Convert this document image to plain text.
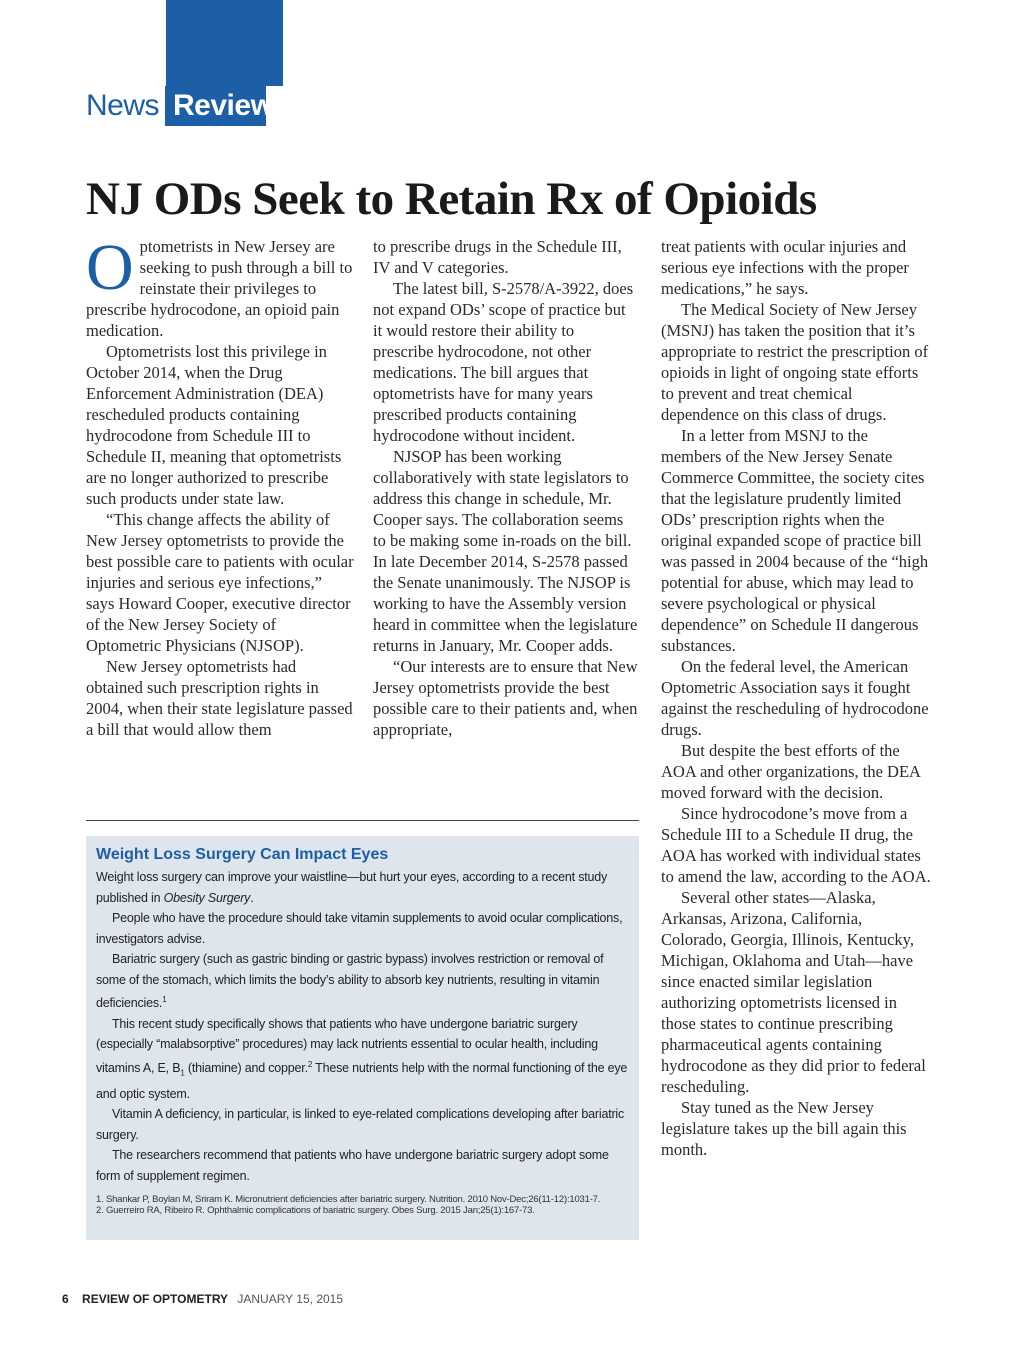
News Review
NJ ODs Seek to Retain Rx of Opioids

Optometrists in New Jersey are seeking to push through a bill to reinstate their privileges to prescribe hydrocodone, an opioid pain medication.

Optometrists lost this privilege in October 2014, when the Drug Enforcement Administration (DEA) rescheduled products containing hydrocodone from Schedule III to Schedule II, meaning that optometrists are no longer authorized to prescribe such products under state law.

“This change affects the ability of New Jersey optometrists to provide the best possible care to patients with ocular injuries and serious eye infections,” says Howard Cooper, executive director of the New Jersey Society of Optometric Physicians (NJSOP).

New Jersey optometrists had obtained such prescription rights in 2004, when their state legislature passed a bill that would allow them

to prescribe drugs in the Schedule III, IV and V categories.

The latest bill, S-2578/A-3922, does not expand ODs’ scope of practice but it would restore their ability to prescribe hydrocodone, not other medications. The bill argues that optometrists have for many years prescribed products containing hydrocodone without incident.

NJSOP has been working collaboratively with state legislators to address this change in schedule, Mr. Cooper says. The collaboration seems to be making some in-roads on the bill. In late December 2014, S-2578 passed the Senate unanimously. The NJSOP is working to have the Assembly version heard in committee when the legislature returns in January, Mr. Cooper adds.

“Our interests are to ensure that New Jersey optometrists provide the best possible care to their patients and, when appropriate,

treat patients with ocular injuries and serious eye infections with the proper medications,” he says.

The Medical Society of New Jersey (MSNJ) has taken the position that it’s appropriate to restrict the prescription of opioids in light of ongoing state efforts to prevent and treat chemical dependence on this class of drugs.

In a letter from MSNJ to the members of the New Jersey Senate Commerce Committee, the society cites that the legislature prudently limited ODs’ prescription rights when the original expanded scope of practice bill was passed in 2004 because of the “high potential for abuse, which may lead to severe psychological or physical dependence” on Schedule II dangerous substances.

On the federal level, the American Optometric Association says it fought against the rescheduling of hydrocodone drugs.

But despite the best efforts of the AOA and other organizations, the DEA moved forward with the decision.

Since hydrocodone’s move from a Schedule III to a Schedule II drug, the AOA has worked with individual states to amend the law, according to the AOA.

Several other states—Alaska, Arkansas, Arizona, California, Colorado, Georgia, Illinois, Kentucky, Michigan, Oklahoma and Utah—have since enacted similar legislation authorizing optometrists licensed in those states to continue prescribing pharmaceutical agents containing hydrocodone as they did prior to federal rescheduling.

Stay tuned as the New Jersey legislature takes up the bill again this month.

Weight Loss Surgery Can Impact Eyes

Weight loss surgery can improve your waistline—but hurt your eyes, according to a recent study published in Obesity Surgery.

People who have the procedure should take vitamin supplements to avoid ocular complications, investigators advise.

Bariatric surgery (such as gastric binding or gastric bypass) involves restriction or removal of some of the stomach, which limits the body’s ability to absorb key nutrients, resulting in vitamin deficiencies.$^1$

This recent study specifically shows that patients who have undergone bariatric surgery (especially “malabsorptive” procedures) may lack nutrients essential to ocular health, including vitamins A, E, $B_1$ (thiamine) and copper.$^2$ These nutrients help with the normal functioning of the eye and optic system.

Vitamin A deficiency, in particular, is linked to eye-related complications developing after bariatric surgery.

The researchers recommend that patients who have undergone bariatric surgery adopt some form of supplement regimen.

1. Shankar P, Boylan M, Sriram K. Micronutrient deficiencies after bariatric surgery. Nutrition. 2010 Nov-Dec;26(11-12):1031-7.
2. Guerreiro RA, Ribeiro R. Ophthalmic complications of bariatric surgery. Obes Surg. 2015 Jan;25(1):167-73.
6 REVIEW OF OPTOMETRY JANUARY 15, 2015
